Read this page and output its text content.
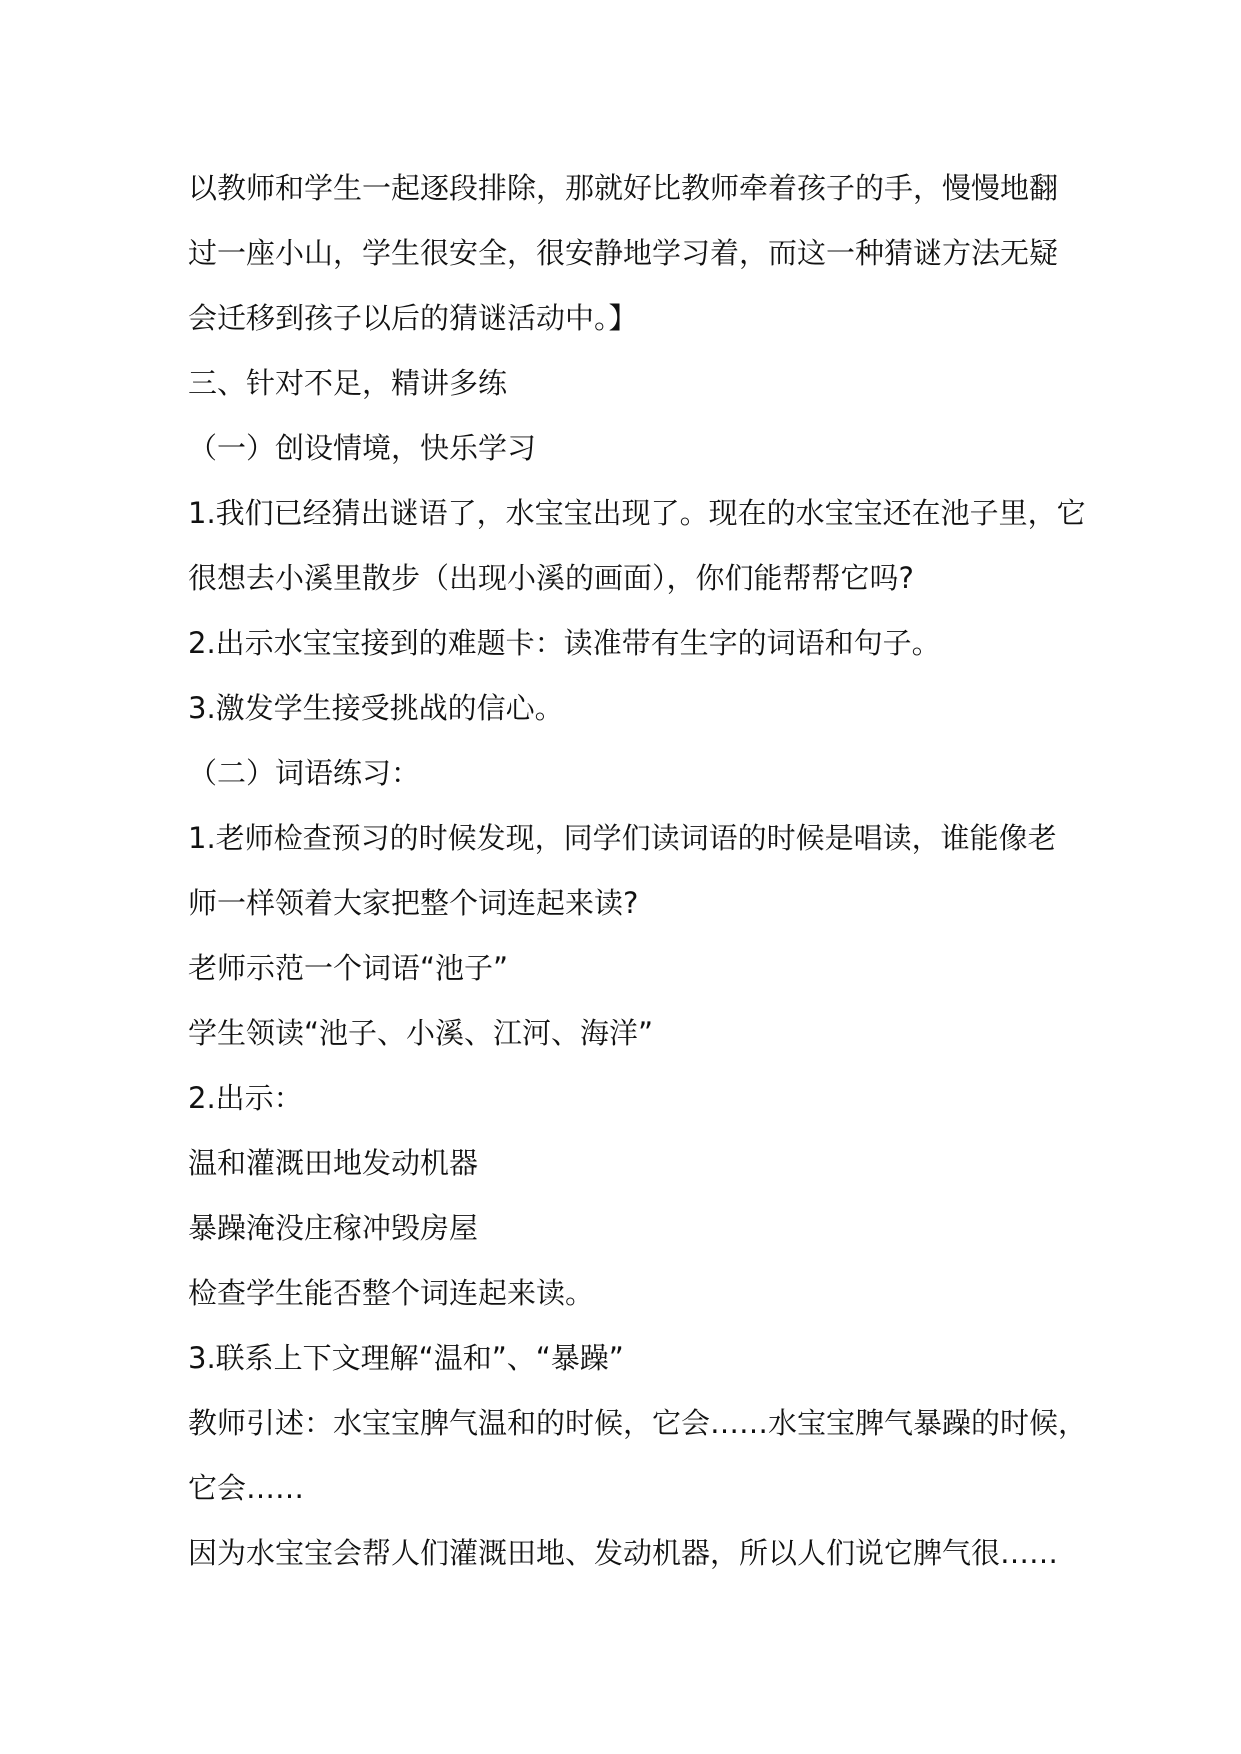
以教师和学生一起逐段排除，那就好比教师牵着孩子的手，慢慢地翻
过一座小山，学生很安全，很安静地学习着，而这一种猜谜方法无疑
会迁移到孩子以后的猜谜活动中。】
三、针对不足，精讲多练
（一）创设情境，快乐学习
1.我们已经猜出谜语了，水宝宝出现了。现在的水宝宝还在池子里，它
很想去小溪里散步（出现小溪的画面），你们能帮帮它吗?
2.出示水宝宝接到的难题卡：读准带有生字的词语和句子。
3.激发学生接受挑战的信心。
（二）词语练习：
1.老师检查预习的时候发现，同学们读词语的时候是唱读，谁能像老
师一样领着大家把整个词连起来读?
老师示范一个词语“池子”
学生领读“池子、小溪、江河、海洋”
2.出示：
温和灌溉田地发动机器
暴躁淹没庄稼冲毁房屋
检查学生能否整个词连起来读。
3.联系上下文理解“温和”、“暴躁”
教师引述：水宝宝脾气温和的时候，它会……水宝宝脾气暴躁的时候，
它会……
因为水宝宝会帮人们灌溉田地、发动机器，所以人们说它脾气很……
